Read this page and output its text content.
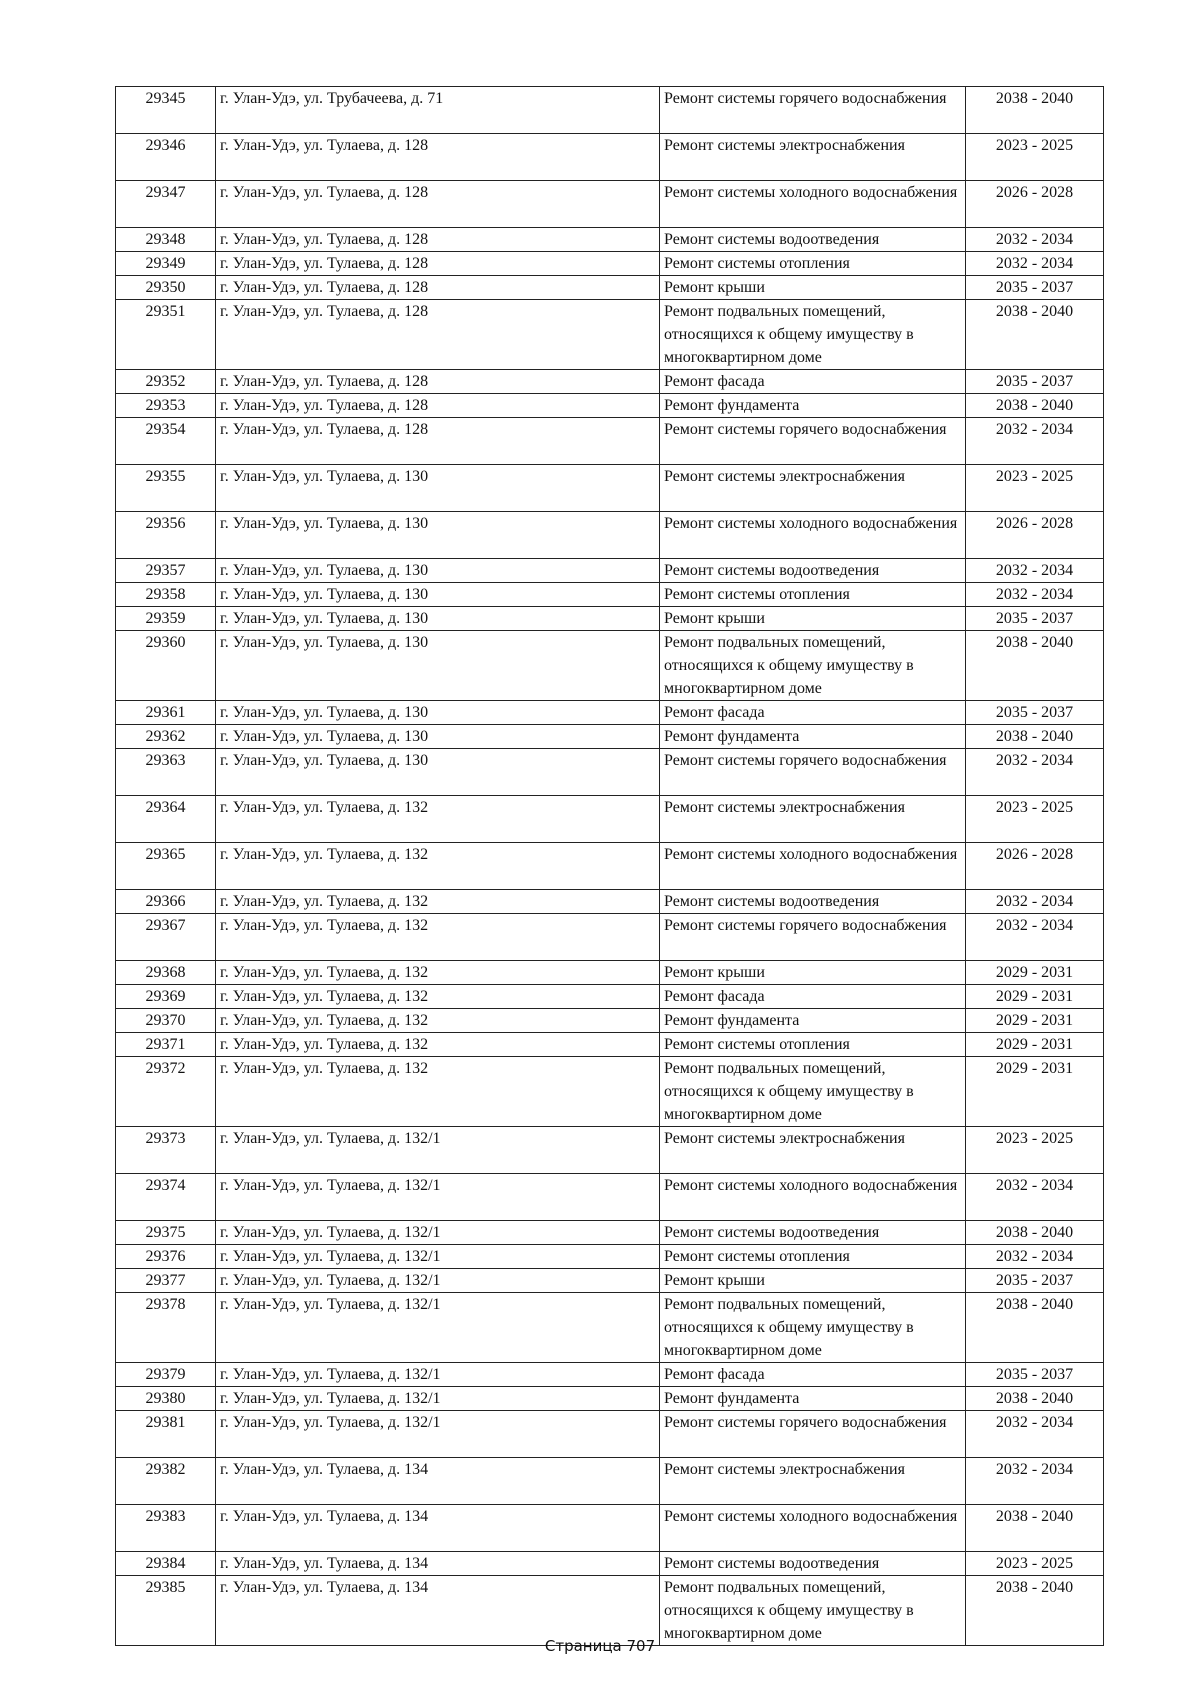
29345	г. Улан-Удэ, ул. Трубачеева, д. 71	Ремонт системы горячего водоснабжения	2038 - 2040
29346	г. Улан-Удэ, ул. Тулаева, д. 128	Ремонт системы электроснабжения	2023 - 2025
29347	г. Улан-Удэ, ул. Тулаева, д. 128	Ремонт системы холодного водоснабжения	2026 - 2028
29348	г. Улан-Удэ, ул. Тулаева, д. 128	Ремонт системы водоотведения	2032 - 2034
29349	г. Улан-Удэ, ул. Тулаева, д. 128	Ремонт системы отопления	2032 - 2034
29350	г. Улан-Удэ, ул. Тулаева, д. 128	Ремонт крыши	2035 - 2037
29351	г. Улан-Удэ, ул. Тулаева, д. 128	Ремонт подвальных помещений, относящихся к общему имуществу в многоквартирном доме	2038 - 2040
29352	г. Улан-Удэ, ул. Тулаева, д. 128	Ремонт фасада	2035 - 2037
29353	г. Улан-Удэ, ул. Тулаева, д. 128	Ремонт фундамента	2038 - 2040
29354	г. Улан-Удэ, ул. Тулаева, д. 128	Ремонт системы горячего водоснабжения	2032 - 2034
29355	г. Улан-Удэ, ул. Тулаева, д. 130	Ремонт системы электроснабжения	2023 - 2025
29356	г. Улан-Удэ, ул. Тулаева, д. 130	Ремонт системы холодного водоснабжения	2026 - 2028
29357	г. Улан-Удэ, ул. Тулаева, д. 130	Ремонт системы водоотведения	2032 - 2034
29358	г. Улан-Удэ, ул. Тулаева, д. 130	Ремонт системы отопления	2032 - 2034
29359	г. Улан-Удэ, ул. Тулаева, д. 130	Ремонт крыши	2035 - 2037
29360	г. Улан-Удэ, ул. Тулаева, д. 130	Ремонт подвальных помещений, относящихся к общему имуществу в многоквартирном доме	2038 - 2040
29361	г. Улан-Удэ, ул. Тулаева, д. 130	Ремонт фасада	2035 - 2037
29362	г. Улан-Удэ, ул. Тулаева, д. 130	Ремонт фундамента	2038 - 2040
29363	г. Улан-Удэ, ул. Тулаева, д. 130	Ремонт системы горячего водоснабжения	2032 - 2034
29364	г. Улан-Удэ, ул. Тулаева, д. 132	Ремонт системы электроснабжения	2023 - 2025
29365	г. Улан-Удэ, ул. Тулаева, д. 132	Ремонт системы холодного водоснабжения	2026 - 2028
29366	г. Улан-Удэ, ул. Тулаева, д. 132	Ремонт системы водоотведения	2032 - 2034
29367	г. Улан-Удэ, ул. Тулаева, д. 132	Ремонт системы горячего водоснабжения	2032 - 2034
29368	г. Улан-Удэ, ул. Тулаева, д. 132	Ремонт крыши	2029 - 2031
29369	г. Улан-Удэ, ул. Тулаева, д. 132	Ремонт фасада	2029 - 2031
29370	г. Улан-Удэ, ул. Тулаева, д. 132	Ремонт фундамента	2029 - 2031
29371	г. Улан-Удэ, ул. Тулаева, д. 132	Ремонт системы отопления	2029 - 2031
29372	г. Улан-Удэ, ул. Тулаева, д. 132	Ремонт подвальных помещений, относящихся к общему имуществу в многоквартирном доме	2029 - 2031
29373	г. Улан-Удэ, ул. Тулаева, д. 132/1	Ремонт системы электроснабжения	2023 - 2025
29374	г. Улан-Удэ, ул. Тулаева, д. 132/1	Ремонт системы холодного водоснабжения	2032 - 2034
29375	г. Улан-Удэ, ул. Тулаева, д. 132/1	Ремонт системы водоотведения	2038 - 2040
29376	г. Улан-Удэ, ул. Тулаева, д. 132/1	Ремонт системы отопления	2032 - 2034
29377	г. Улан-Удэ, ул. Тулаева, д. 132/1	Ремонт крыши	2035 - 2037
29378	г. Улан-Удэ, ул. Тулаева, д. 132/1	Ремонт подвальных помещений, относящихся к общему имуществу в многоквартирном доме	2038 - 2040
29379	г. Улан-Удэ, ул. Тулаева, д. 132/1	Ремонт фасада	2035 - 2037
29380	г. Улан-Удэ, ул. Тулаева, д. 132/1	Ремонт фундамента	2038 - 2040
29381	г. Улан-Удэ, ул. Тулаева, д. 132/1	Ремонт системы горячего водоснабжения	2032 - 2034
29382	г. Улан-Удэ, ул. Тулаева, д. 134	Ремонт системы электроснабжения	2032 - 2034
29383	г. Улан-Удэ, ул. Тулаева, д. 134	Ремонт системы холодного водоснабжения	2038 - 2040
29384	г. Улан-Удэ, ул. Тулаева, д. 134	Ремонт системы водоотведения	2023 - 2025
29385	г. Улан-Удэ, ул. Тулаева, д. 134	Ремонт подвальных помещений, относящихся к общему имуществу в многоквартирном доме	2038 - 2040
Страница 707
